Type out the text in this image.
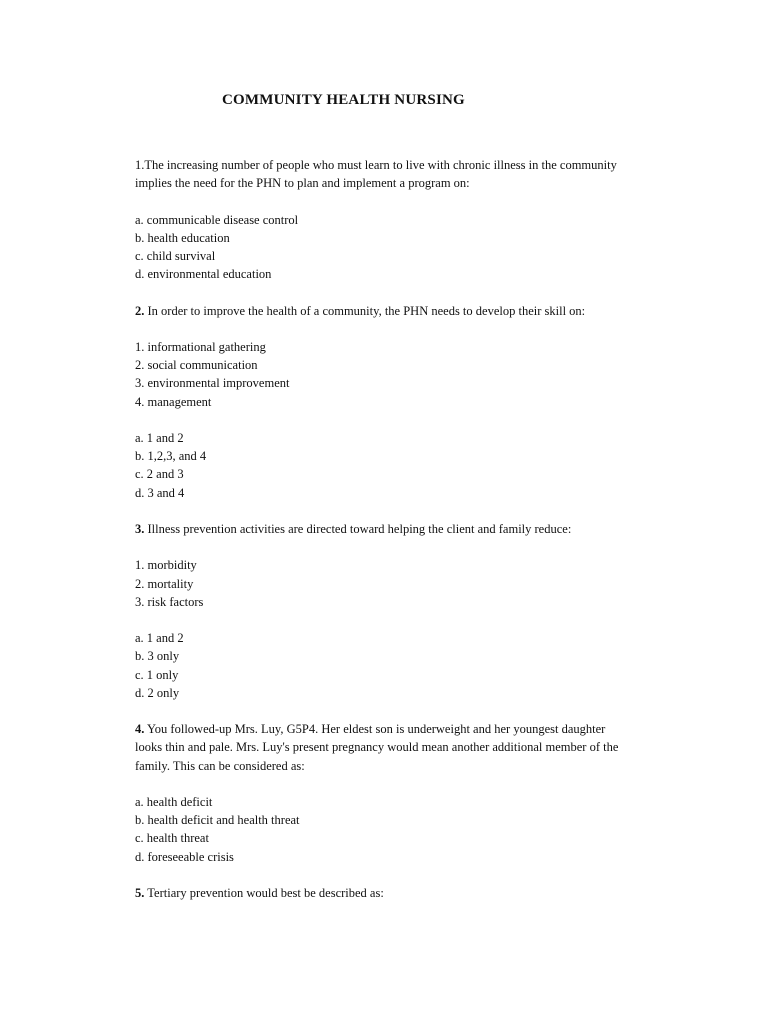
COMMUNITY HEALTH NURSING
1.The increasing number of people who must learn to live with chronic illness in the community
implies the need for the PHN to plan and implement a program on:
a. communicable disease control
b. health education
c. child survival
d. environmental education
2. In order to improve the health of a community, the PHN needs to develop their skill on:
1. informational gathering
2. social communication
3. environmental improvement
4. management
a. 1 and 2
b. 1,2,3, and 4
c. 2 and 3
d. 3 and 4
3. Illness prevention activities are directed toward helping the client and family reduce:
1. morbidity
2. mortality
3. risk factors
a. 1 and 2
b. 3 only
c. 1 only
d. 2 only
4. You followed-up Mrs. Luy, G5P4. Her eldest son is underweight and her youngest daughter
looks thin and pale. Mrs. Luy's present pregnancy would mean another additional member of the
family. This can be considered as:
a. health deficit
b. health deficit and health threat
c. health threat
d. foreseeable crisis
5. Tertiary prevention would best be described as:
